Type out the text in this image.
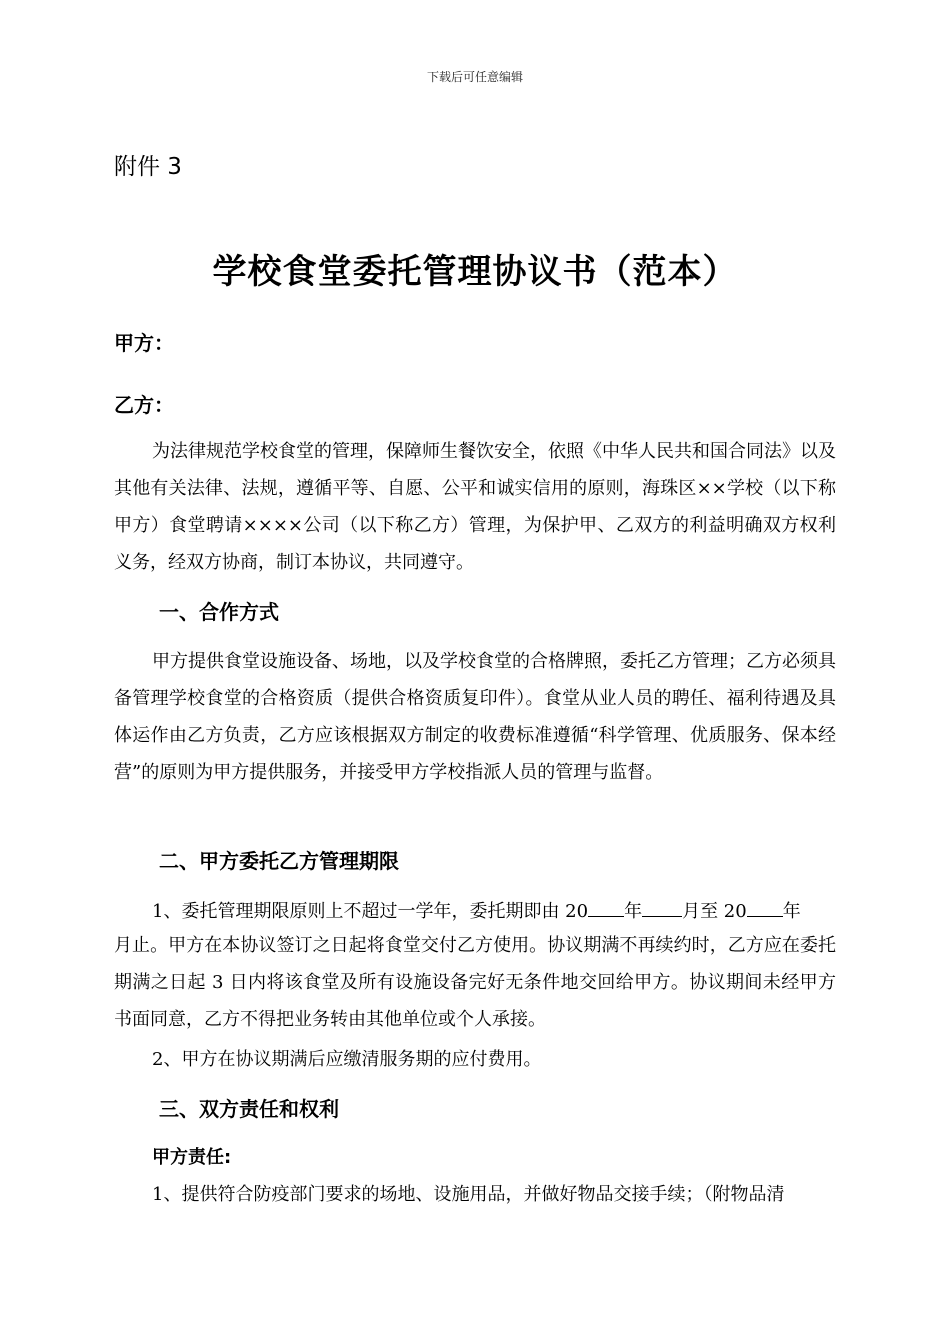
下载后可任意编辑
附件 3
学校食堂委托管理协议书（范本）
甲方：
乙方：
为法律规范学校食堂的管理，保障师生餐饮安全，依照《中华人民共和国合同法》以及其他有关法律、法规，遵循平等、自愿、公平和诚实信用的原则，海珠区××学校（以下称甲方）食堂聘请××××公司（以下称乙方）管理，为保护甲、乙双方的利益明确双方权利义务，经双方协商，制订本协议，共同遵守。
一、合作方式
甲方提供食堂设施设备、场地，以及学校食堂的合格牌照，委托乙方管理；乙方必须具备管理学校食堂的合格资质（提供合格资质复印件）。食堂从业人员的聘任、福利待遇及具体运作由乙方负责，乙方应该根据双方制定的收费标准遵循“科学管理、优质服务、保本经营”的原则为甲方提供服务，并接受甲方学校指派人员的管理与监督。
二、甲方委托乙方管理期限
1、委托管理期限原则上不超过一学年，委托期即由 20 年 月至 20 年
月止。甲方在本协议签订之日起将食堂交付乙方使用。协议期满不再续约时，乙方应在委托期满之日起 3 日内将该食堂及所有设施设备完好无条件地交回给甲方。协议期间未经甲方书面同意，乙方不得把业务转由其他单位或个人承接。
2、甲方在协议期满后应缴清服务期的应付费用。
三、双方责任和权利
甲方责任:
1、提供符合防疫部门要求的场地、设施用品，并做好物品交接手续；（附物品清
